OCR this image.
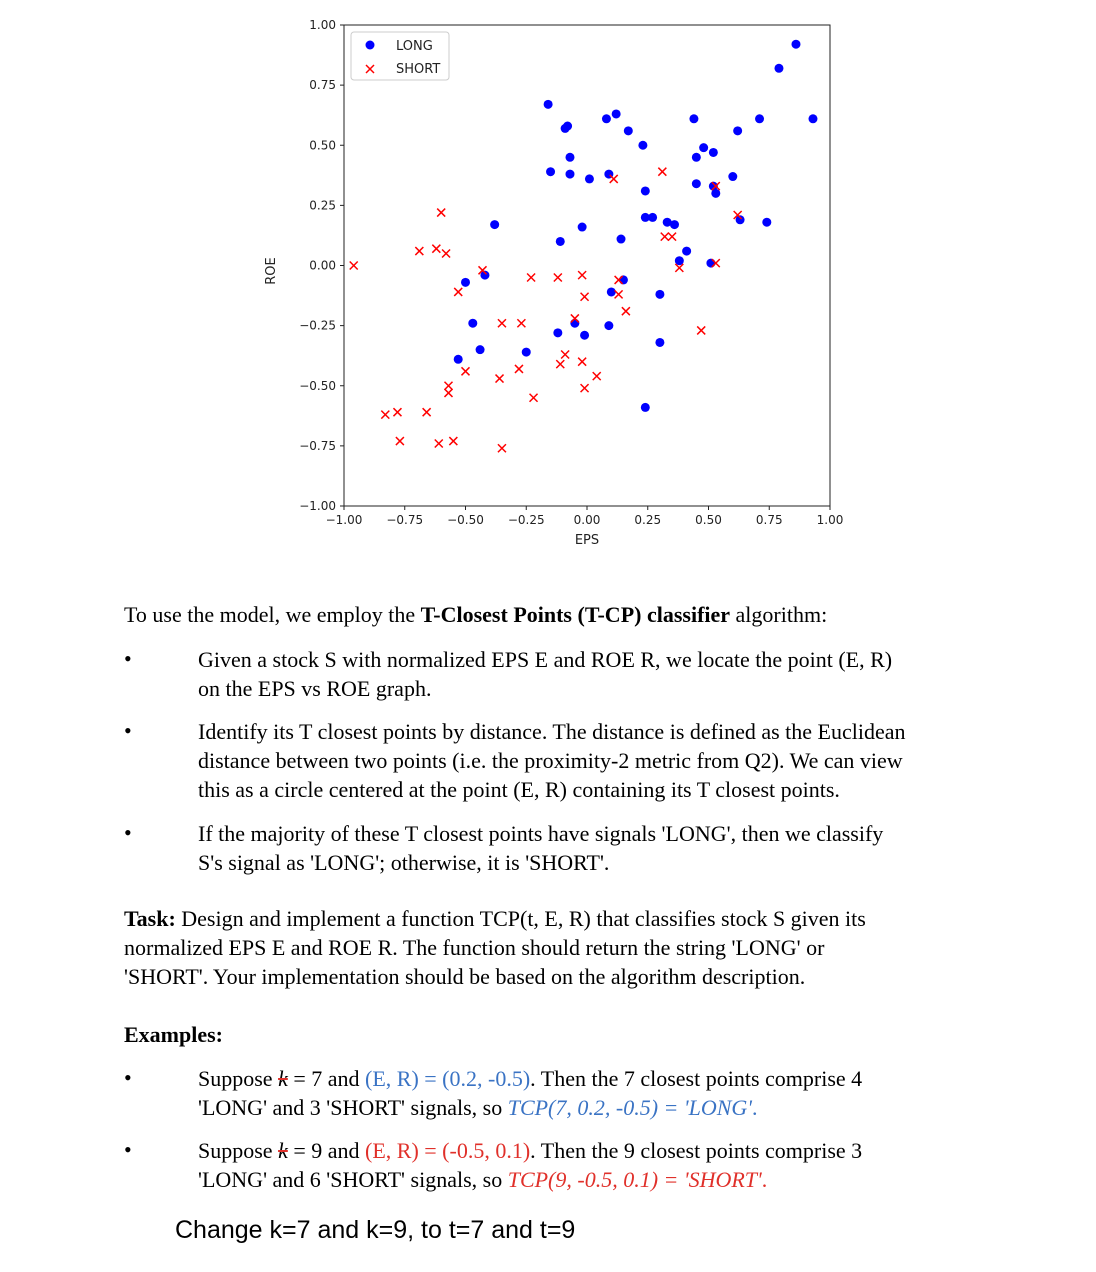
−1.00 −0.75 −0.50 −0.25 0.00	0.25	0.50	0.75	1.00
1.00
0.75
0.50
0.25
0.00
−0.25
−0.50
−0.75
−1.00
EPS
ROE
LONG
SHORT
To use the model, we employ the T-Closest Points (T-CP) classifier algorithm:
•	Given a stock S with normalized EPS E and ROE R, we locate the point (E, R)
on the EPS vs ROE graph.
•	Identify its T closest points by distance. The distance is defined as the Euclidean
distance between two points (i.e. the proximity-2 metric from Q2). We can view
this as a circle centered at the point (E, R) containing its T closest points.
•	If the majority of these T closest points have signals 'LONG', then we classify
S's signal as 'LONG'; otherwise, it is 'SHORT'.
Task: Design and implement a function TCP(t, E, R) that classifies stock S given its
normalized EPS E and ROE R. The function should return the string 'LONG' or
'SHORT'. Your implementation should be based on the algorithm description.
Examples:
•	Suppose k = 7 and (E, R) = (0.2, -0.5). Then the 7 closest points comprise 4
'LONG' and 3 'SHORT' signals, so TCP(7, 0.2, -0.5) = 'LONG'.
•	Suppose k = 9 and (E, R) = (-0.5, 0.1). Then the 9 closest points comprise 3
'LONG' and 6 'SHORT' signals, so TCP(9, -0.5, 0.1) = 'SHORT'.
Change k=7 and k=9, to t=7 and t=9
